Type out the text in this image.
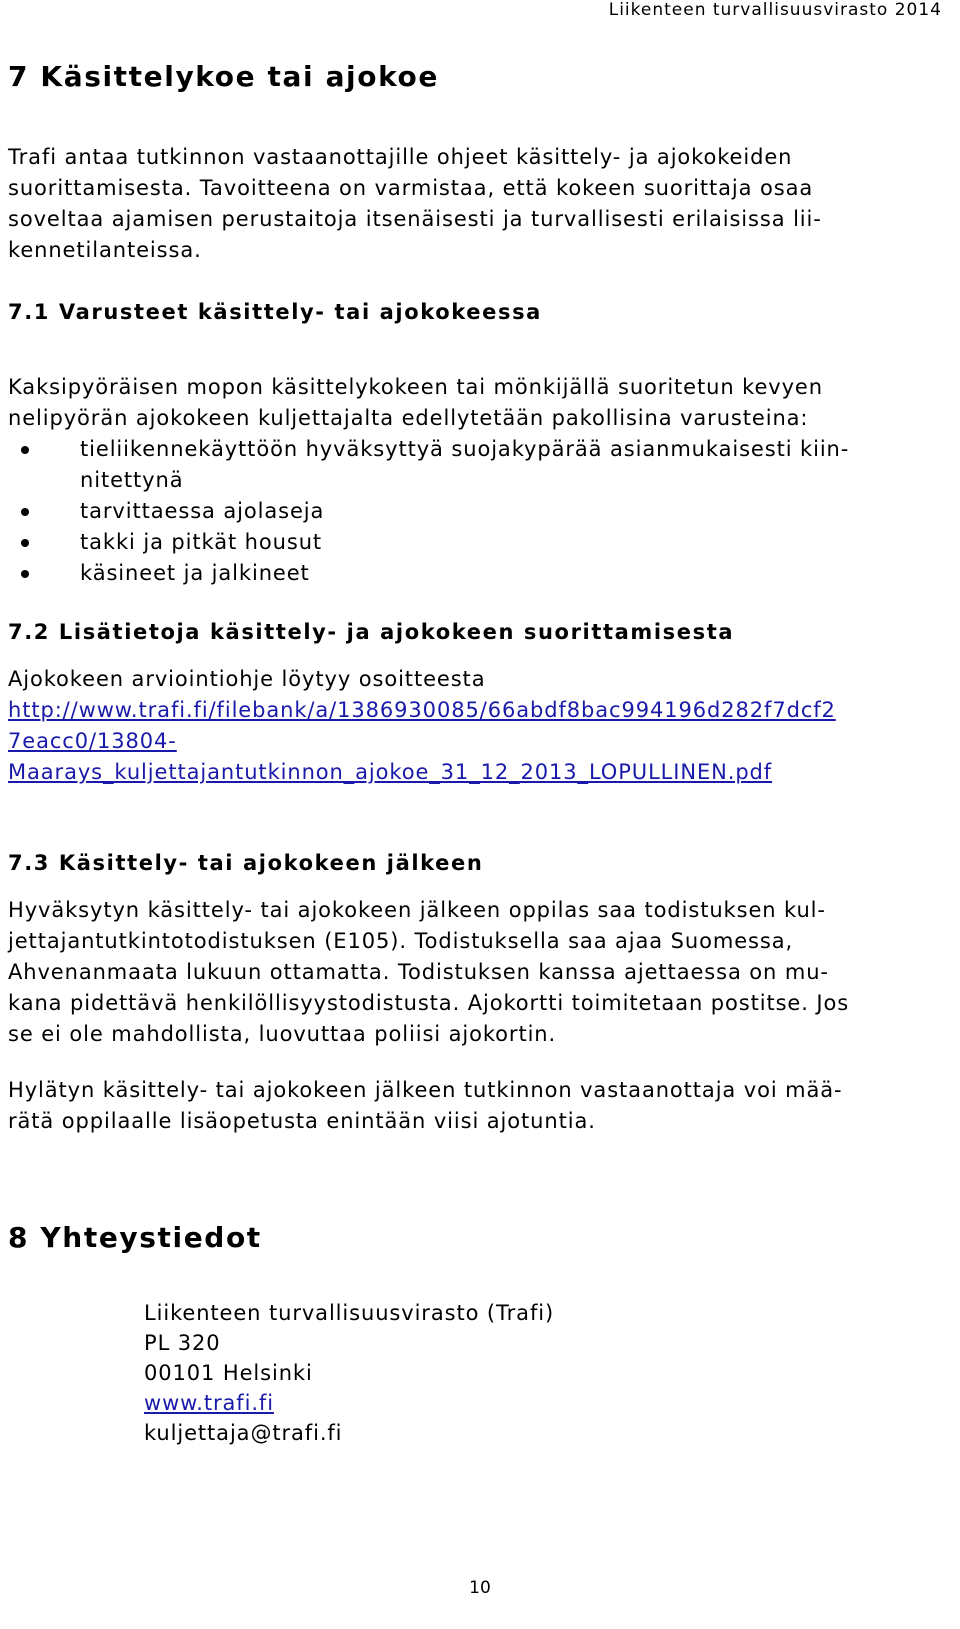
Liikenteen turvallisuusvirasto 2014
7 Käsittelykoe tai ajokoe
Trafi antaa tutkinnon vastaanottajille ohjeet käsittely- ja ajokokeiden
suorittamisesta. Tavoitteena on varmistaa, että kokeen suorittaja osaa
soveltaa ajamisen perustaitoja itsenäisesti ja turvallisesti erilaisissa lii-
kennetilanteissa.
7.1 Varusteet käsittely- tai ajokokeessa
Kaksipyöräisen mopon käsittelykokeen tai mönkijällä suoritetun kevyen
nelipyörän ajokokeen kuljettajalta edellytetään pakollisina varusteina:
tieliikennekäyttöön hyväksyttyä suojakypärää asianmukaisesti kiin-
nitettynä
tarvittaessa ajolaseja
takki ja pitkät housut
käsineet ja jalkineet
7.2 Lisätietoja käsittely- ja ajokokeen suorittamisesta
Ajokokeen arviointiohje löytyy osoitteesta
http://www.trafi.fi/filebank/a/1386930085/66abdf8bac994196d282f7dcf2
7eacc0/13804-
Maarays_kuljettajantutkinnon_ajokoe_31_12_2013_LOPULLINEN.pdf
7.3 Käsittely- tai ajokokeen jälkeen
Hyväksytyn käsittely- tai ajokokeen jälkeen oppilas saa todistuksen kul-
jettajantutkintotodistuksen (E105). Todistuksella saa ajaa Suomessa,
Ahvenanmaata lukuun ottamatta. Todistuksen kanssa ajettaessa on mu-
kana pidettävä henkilöllisyystodistusta. Ajokortti toimitetaan postitse. Jos
se ei ole mahdollista, luovuttaa poliisi ajokortin.
Hylätyn käsittely- tai ajokokeen jälkeen tutkinnon vastaanottaja voi mää-
rätä oppilaalle lisäopetusta enintään viisi ajotuntia.
8 Yhteystiedot
Liikenteen turvallisuusvirasto (Trafi)
PL 320
00101 Helsinki
www.trafi.fi
kuljettaja@trafi.fi
10
